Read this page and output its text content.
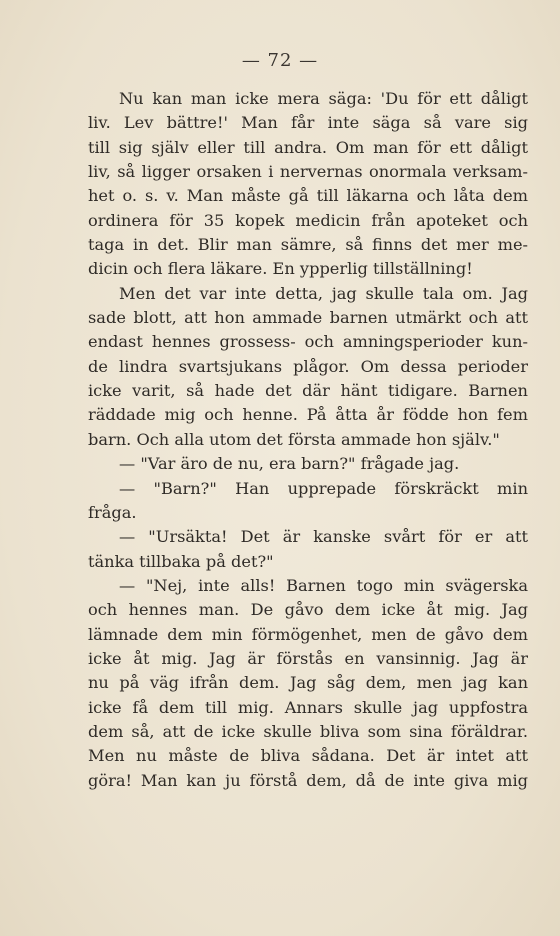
— 72 —
Nu kan man icke mera säga: 'Du för ett dåligt
liv. Lev bättre!' Man får inte säga så vare sig
till sig själv eller till andra. Om man för ett dåligt
liv, så ligger orsaken i nervernas onormala verksam-
het o. s. v. Man måste gå till läkarna och låta dem
ordinera för 35 kopek medicin från apoteket och
taga in det. Blir man sämre, så finns det mer me-
dicin och flera läkare. En ypperlig tillställning!
Men det var inte detta, jag skulle tala om. Jag
sade blott, att hon ammade barnen utmärkt och att
endast hennes grossess- och amningsperioder kun-
de lindra svartsjukans plågor. Om dessa perioder
icke varit, så hade det där hänt tidigare. Barnen
räddade mig och henne. På åtta år födde hon fem
barn. Och alla utom det första ammade hon själv."
— "Var äro de nu, era barn?" frågade jag.
— "Barn?" Han upprepade förskräckt min
fråga.
— "Ursäkta! Det är kanske svårt för er att
tänka tillbaka på det?"
— "Nej, inte alls! Barnen togo min svägerska
och hennes man. De gåvo dem icke åt mig. Jag
lämnade dem min förmögenhet, men de gåvo dem
icke åt mig. Jag är förstås en vansinnig. Jag är
nu på väg ifrån dem. Jag såg dem, men jag kan
icke få dem till mig. Annars skulle jag uppfostra
dem så, att de icke skulle bliva som sina föräldrar.
Men nu måste de bliva sådana. Det är intet att
göra! Man kan ju förstå dem, då de inte giva mig
